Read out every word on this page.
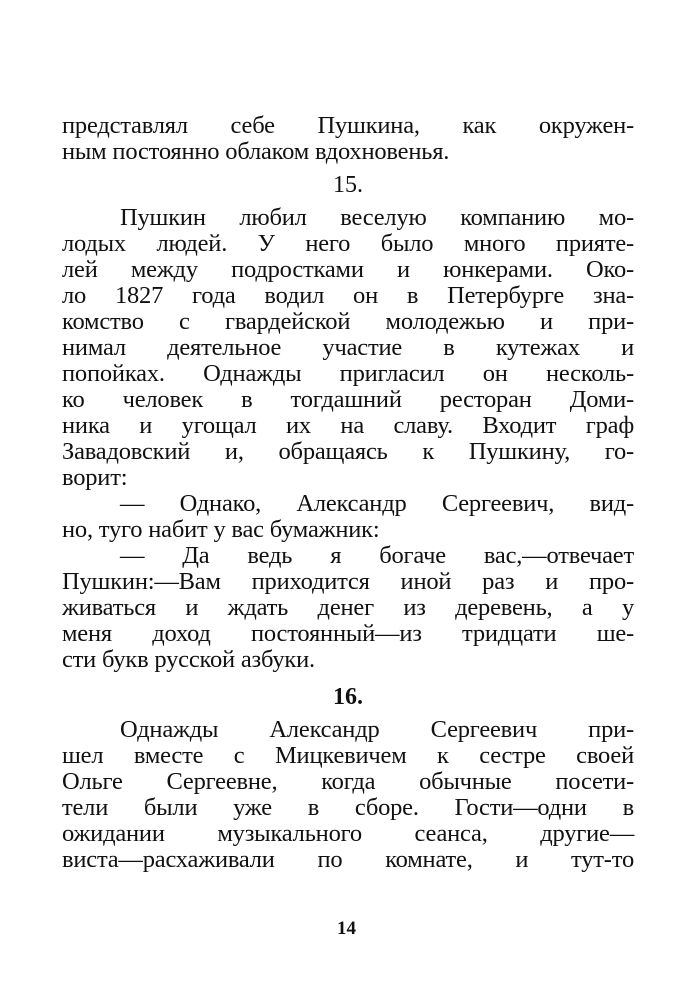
представлял себе Пушкина, как окружен-
ным постоянно облаком вдохновенья.
15.
Пушкин любил веселую компанию мо-
лодых людей. У него было много прияте-
лей между подростками и юнкерами. Око-
ло 1827 года водил он в Петербурге зна-
комство с гвардейской молодежью и при-
нимал деятельное участие в кутежах и
попойках. Однажды пригласил он несколь-
ко человек в тогдашний ресторан Доми-
ника и угощал их на славу. Входит граф
Завадовский и, обращаясь к Пушкину, го-
ворит:
— Однако, Александр Сергеевич, вид-
но, туго набит у вас бумажник:
— Да ведь я богаче вас,—отвечает
Пушкин:—Вам приходится иной раз и про-
живаться и ждать денег из деревень, а у
меня доход постоянный—из тридцати ше-
сти букв русской азбуки.
16.
Однажды Александр Сергеевич при-
шел вместе с Мицкевичем к сестре своей
Ольге Сергеевне, когда обычные посети-
тели были уже в сборе. Гости—одни в
ожидании музыкального сеанса, другие—
виста—расхаживали по комнате, и тут-то
14
